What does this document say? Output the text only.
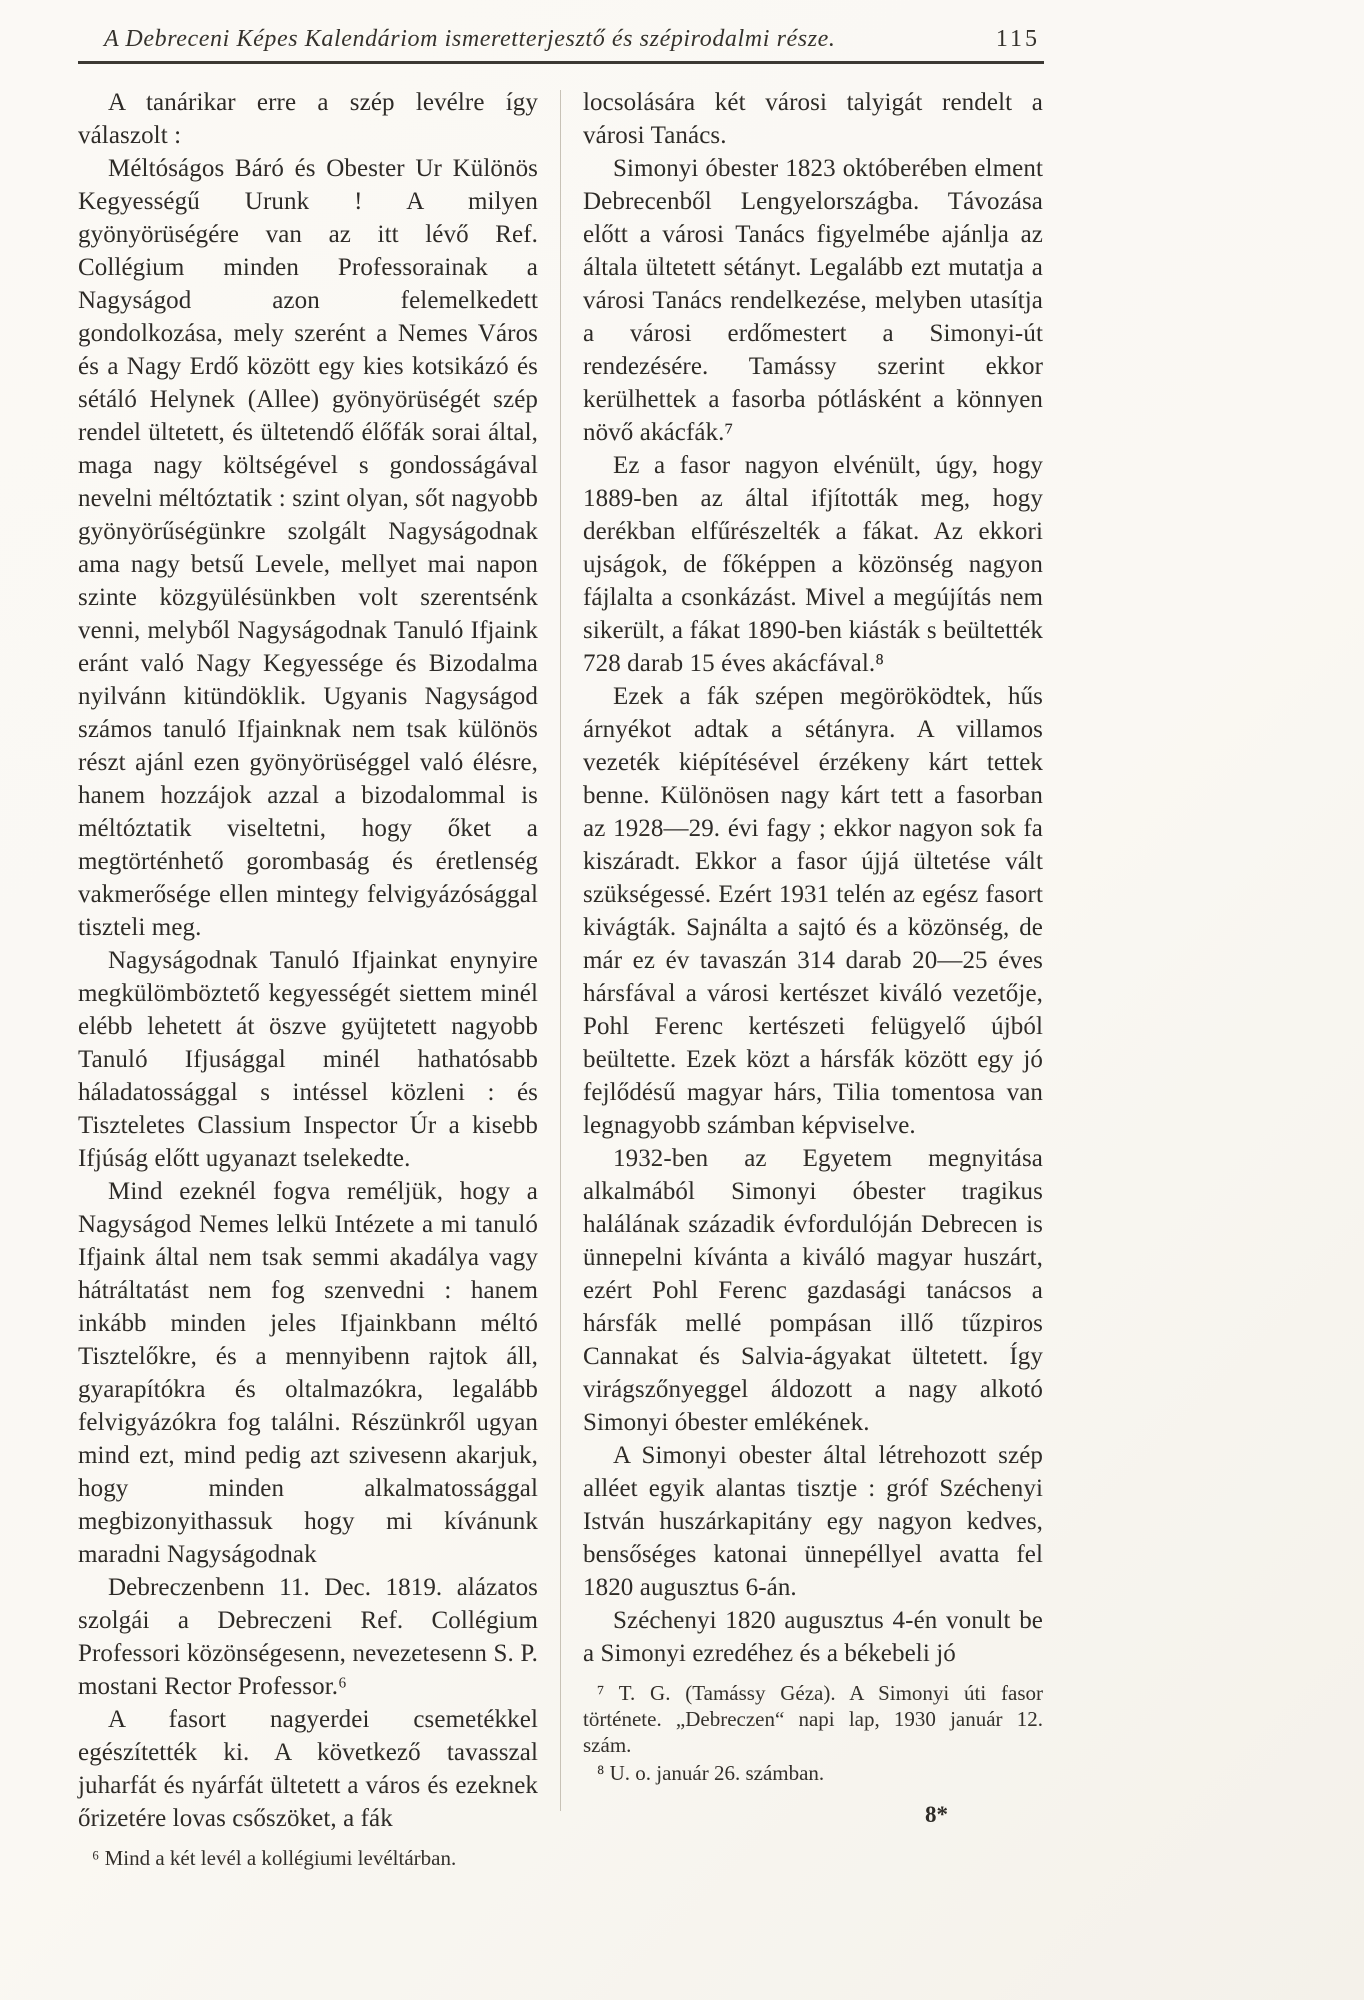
A Debreceni Képes Kalendáriom ismeretterjesztő és szépirodalmi része.	115

A tanárikar erre a szép levélre így válaszolt :

Méltóságos Báró és Obester Ur Különös Kegyességű Urunk ! A milyen gyönyörüségére van az itt lévő Ref. Collégium minden Professorainak a Nagyságod azon felemelkedett gondolkozása, mely szerént a Nemes Város és a Nagy Erdő között egy kies kotsikázó és sétáló Helynek (Allee) gyönyörüségét szép rendel ültetett, és ültetendő élőfák sorai által, maga nagy költségével s gondosságával nevelni méltóztatik : szint olyan, sőt nagyobb gyönyörűségünkre szolgált Nagyságodnak ama nagy betsű Levele, mellyet mai napon szinte közgyülésünkben volt szerentsénk venni, melyből Nagyságodnak Tanuló Ifjaink eránt való Nagy Kegyessége és Bizodalma nyilvánn kitündöklik. Ugyanis Nagyságod számos tanuló Ifjainknak nem tsak különös részt ajánl ezen gyönyörüséggel való élésre, hanem hozzájok azzal a bizodalommal is méltóztatik viseltetni, hogy őket a megtörténhető gorombaság és éretlenség vakmerősége ellen mintegy felvigyázósággal tiszteli meg.

Nagyságodnak Tanuló Ifjainkat enynyire megkülömböztető kegyességét siettem minél elébb lehetett át öszve gyüjtetett nagyobb Tanuló Ifjusággal minél hathatósabb háladatossággal s intéssel közleni : és Tiszteletes Classium Inspector Úr a kisebb Ifjúság előtt ugyanazt tselekedte.

Mind ezeknél fogva reméljük, hogy a Nagyságod Nemes lelkü Intézete a mi tanuló Ifjaink által nem tsak semmi akadálya vagy hátráltatást nem fog szenvedni : hanem inkább minden jeles Ifjainkbann méltó Tisztelőkre, és a mennyibenn rajtok áll, gyarapítókra és oltalmazókra, legalább felvigyázókra fog találni. Részünkről ugyan mind ezt, mind pedig azt szivesenn akarjuk, hogy minden alkalmatossággal megbizonyithassuk hogy mi kívánunk maradni Nagyságodnak

Debreczenbenn 11. Dec. 1819. alázatos szolgái a Debreczeni Ref. Collégium Professori közönségesenn, nevezetesenn S. P. mostani Rector Professor.⁶

A fasort nagyerdei csemetékkel egészítették ki. A következő tavasszal juharfát és nyárfát ültetett a város és ezeknek őrizetére lovas csőszöket, a fák

⁶ Mind a két levél a kollégiumi levéltárban.

locsolására két városi talyigát rendelt a városi Tanács.

Simonyi óbester 1823 októberében elment Debrecenből Lengyelországba. Távozása előtt a városi Tanács figyelmébe ajánlja az általa ültetett sétányt. Legalább ezt mutatja a városi Tanács rendelkezése, melyben utasítja a városi erdőmestert a Simonyi-út rendezésére. Tamássy szerint ekkor kerülhettek a fasorba pótlásként a könnyen növő akácfák.⁷

Ez a fasor nagyon elvénült, úgy, hogy 1889-ben az által ifjították meg, hogy derékban elfűrészelték a fákat. Az ekkori ujságok, de főképpen a közönség nagyon fájlalta a csonkázást. Mivel a megújítás nem sikerült, a fákat 1890-ben kiásták s beültették 728 darab 15 éves akácfával.⁸

Ezek a fák szépen megöröködtek, hűs árnyékot adtak a sétányra. A villamos vezeték kiépítésével érzékeny kárt tettek benne. Különösen nagy kárt tett a fasorban az 1928—29. évi fagy ; ekkor nagyon sok fa kiszáradt. Ekkor a fasor újjá ültetése vált szükségessé. Ezért 1931 telén az egész fasort kivágták. Sajnálta a sajtó és a közönség, de már ez év tavaszán 314 darab 20—25 éves hársfával a városi kertészet kiváló vezetője, Pohl Ferenc kertészeti felügyelő újból beültette. Ezek közt a hársfák között egy jó fejlődésű magyar hárs, Tilia tomentosa van legnagyobb számban képviselve.

1932-ben az Egyetem megnyitása alkalmából Simonyi óbester tragikus halálának századik évfordulóján Debrecen is ünnepelni kívánta a kiváló magyar huszárt, ezért Pohl Ferenc gazdasági tanácsos a hársfák mellé pompásan illő tűzpiros Cannakat és Salvia-ágyakat ültetett. Így virágszőnyeggel áldozott a nagy alkotó Simonyi óbester emlékének.

A Simonyi obester által létrehozott szép alléet egyik alantas tisztje : gróf Széchenyi István huszárkapitány egy nagyon kedves, bensőséges katonai ünnepéllyel avatta fel 1820 augusztus 6-án.

Széchenyi 1820 augusztus 4-én vonult be a Simonyi ezredéhez és a békebeli jó

⁷ T. G. (Tamássy Géza). A Simonyi úti fasor története. „Debreczen“ napi lap, 1930 január 12. szám.

⁸ U. o. január 26. számban.

8*
